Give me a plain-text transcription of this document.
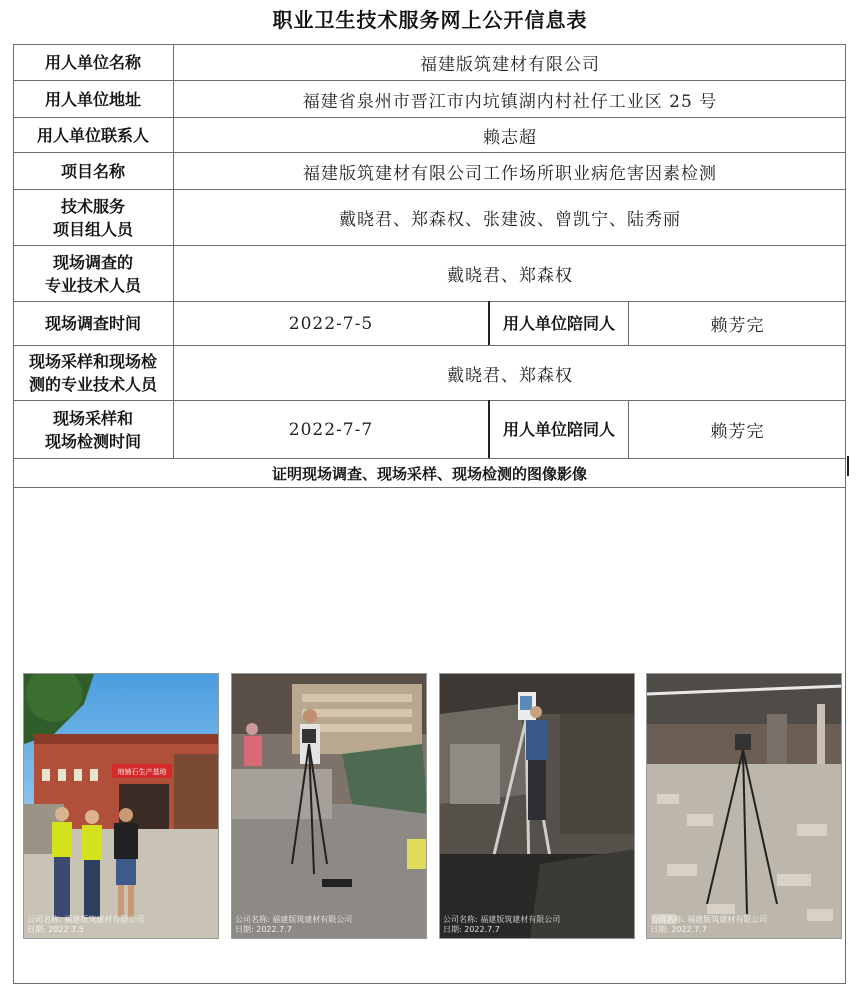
职业卫生技术服务网上公开信息表
用人单位名称	福建版筑建材有限公司
用人单位地址	福建省泉州市晋江市内坑镇湖内村社仔工业区 25 号
用人单位联系人	赖志超
项目名称	福建版筑建材有限公司工作场所职业病危害因素检测
技术服务
项目组人员	戴晓君、郑森权、张建波、曾凯宁、陆秀丽
现场调查的
专业技术人员	戴晓君、郑森权
现场调查时间	2022-7-5	用人单位陪同人	赖芳完
现场采样和现场检
测的专业技术人员	戴晓君、郑森权
现场采样和
现场检测时间
2022-7-7	用人单位陪同人	赖芳完
证明现场调查、现场采样、现场检测的图像影像
地铺石生产基地
公司名称: 福建版筑建材有限公司
日期: 2022.7.5
公司名称: 福建版筑建材有限公司
日期: 2022.7.7
公司名称: 福建版筑建材有限公司
日期: 2022.7.7
公司名称: 福建版筑建材有限公司
日期: 2022.7.7
